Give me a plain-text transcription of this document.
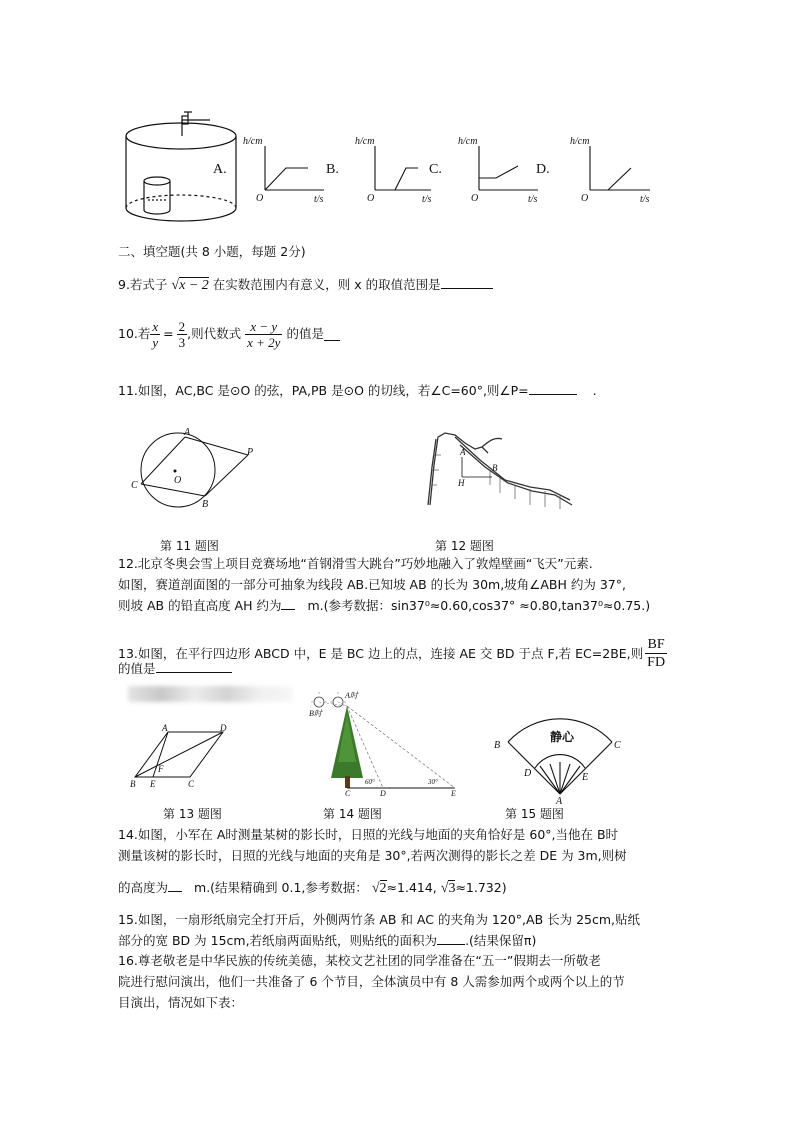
h/cm	h/cm	h/cm	h/cm
t/s	t/s	t/s	t/s
O	O	O	O
A.	B.	C.	D.
二、填空题(共 8 小题，每题 2分)
9.若式子 √x − 2 在实数范围内有意义，则 x 的取值范围是
10.若 $\frac{x}{y} = \frac{2}{3}$ ,则代数式 $\frac{x - y}{x + 2y}$ 的值是
11.如图，AC,BC 是⊙O 的弦，PA,PB 是⊙O 的切线，若∠C=60°,则∠P=	.
A
P
C	O
B
B
A
H
第 11 题图	第 12 题图
12.北京冬奥会雪上项目竞赛场地“首钢滑雪大跳台”巧妙地融入了敦煌壁画“飞天”元素.
如图，赛道剖面图的一部分可抽象为线段 AB.已知坡 AB 的长为 30m,坡角∠ABH 约为 37°,
则坡 AB 的铅直高度 AH 约为 m.(参考数据：sin37⁰≈0.60,cos37° ≈0.80,tan37⁰≈0.75.)
13.如图，在平行四边形 ABCD 中，E 是 BC 边上的点，连接 AE 交 BD 于点 F,若 EC=2BE,则 $\frac{BF}{FD}$
的值是
A	D
B
F
C
E
B时
A时
60°	30°
C	D	E
静心
B	C
D	E
A
第 13 题图	第 14 题图	第 15 题图
14.如图，小军在 A时测量某树的影长时，日照的光线与地面的夹角恰好是 60°,当他在 B时
测量该树的影长时，日照的光线与地面的夹角是 30°,若两次测得的影长之差 DE 为 3m,则树
的高度为 m.(结果精确到 0.1,参考数据： √2≈1.414, √3≈1.732)
15.如图，一扇形纸扇完全打开后，外侧两竹条 AB 和 AC 的夹角为 120°,AB 长为 25cm,贴纸
部分的宽 BD 为 15cm,若纸扇两面贴纸，则贴纸的面积为 .(结果保留π)
16.尊老敬老是中华民族的传统美德，某校文艺社团的同学准备在“五一”假期去一所敬老
院进行慰问演出，他们一共准备了 6 个节目，全体演员中有 8 人需参加两个或两个以上的节
目演出，情况如下表：
